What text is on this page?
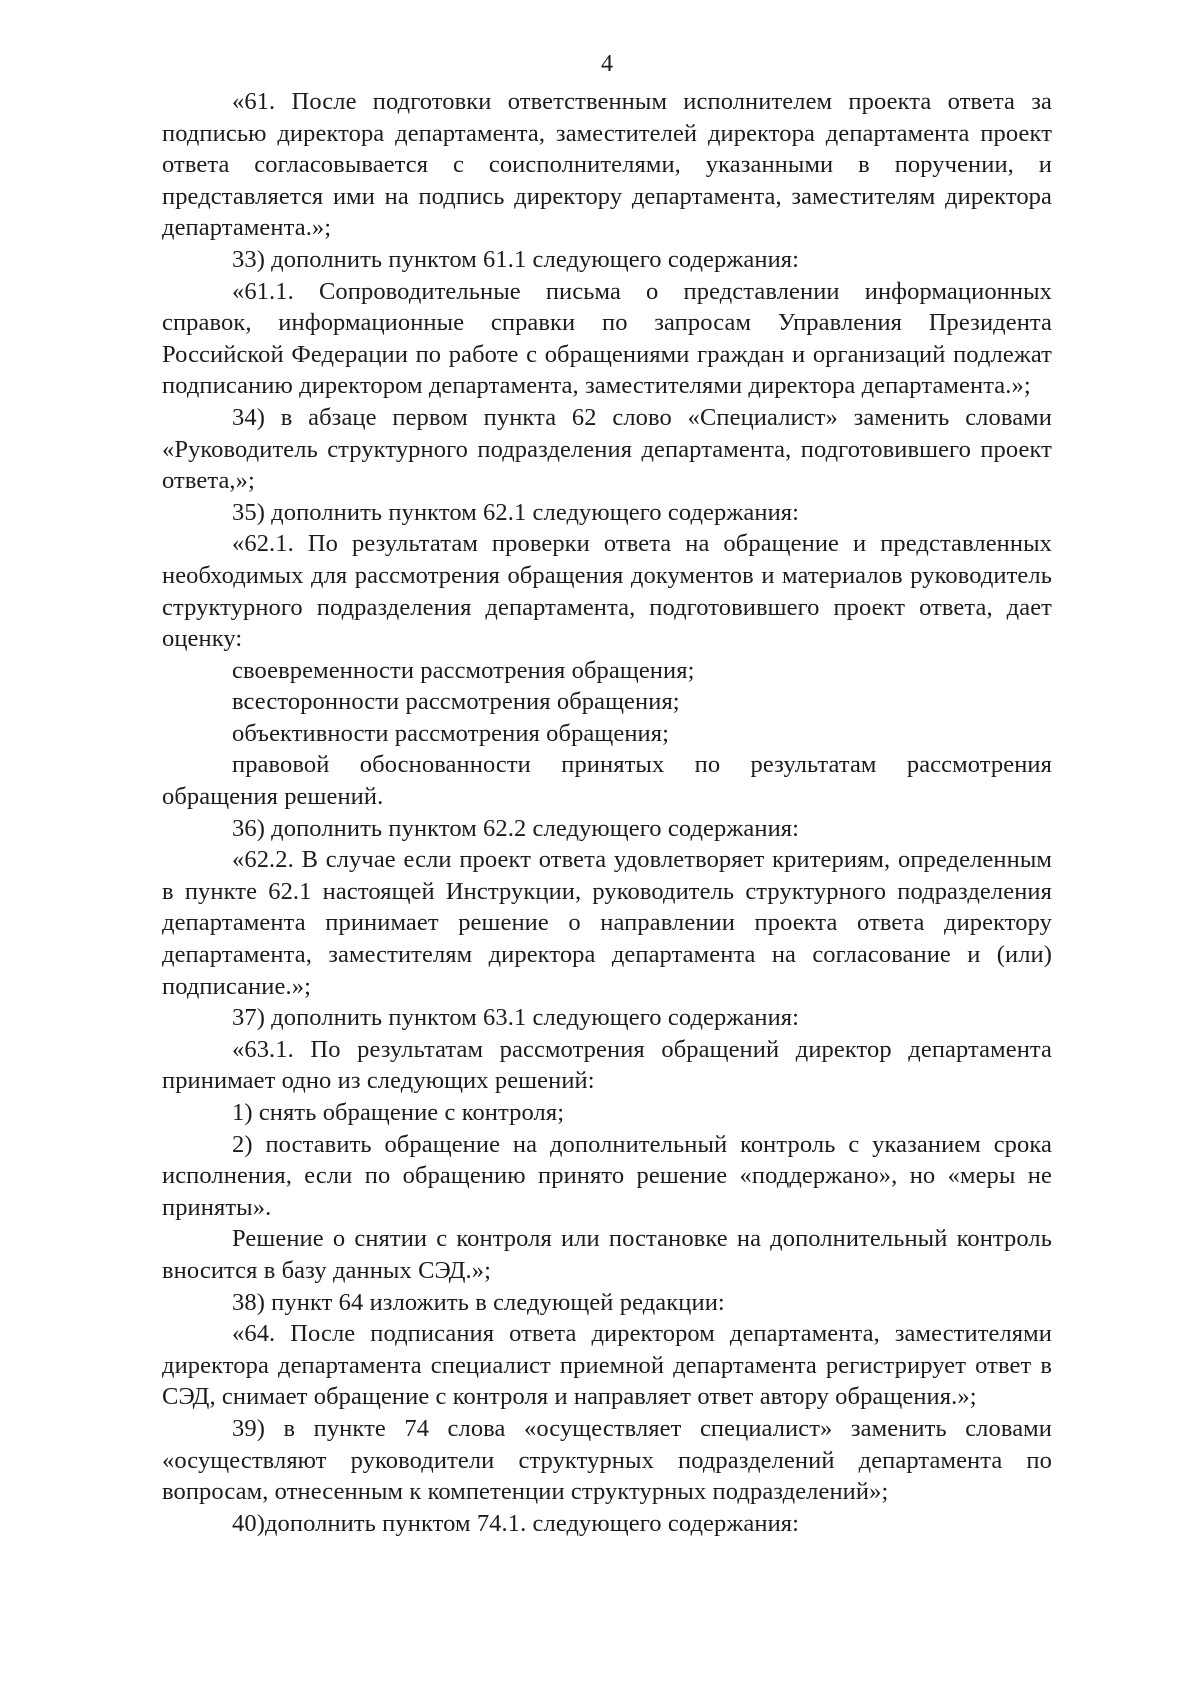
4

«61. После подготовки ответственным исполнителем проекта ответа за подписью директора департамента, заместителей директора департамента проект ответа согласовывается с соисполнителями, указанными в поручении, и представляется ими на подпись директору департамента, заместителям директора департамента.»;

33) дополнить пунктом 61.1 следующего содержания:

«61.1. Сопроводительные письма о представлении информационных справок, информационные справки по запросам Управления Президента Российской Федерации по работе с обращениями граждан и организаций подлежат подписанию директором департамента, заместителями директора департамента.»;

34) в абзаце первом пункта 62 слово «Специалист» заменить словами «Руководитель структурного подразделения департамента, подготовившего проект ответа,»;

35) дополнить пунктом 62.1 следующего содержания:

«62.1. По результатам проверки ответа на обращение и представленных необходимых для рассмотрения обращения документов и материалов руководитель структурного подразделения департамента, подготовившего проект ответа, дает оценку:

своевременности рассмотрения обращения;

всесторонности рассмотрения обращения;

объективности рассмотрения обращения;

правовой обоснованности принятых по результатам рассмотрения обращения решений.

36) дополнить пунктом 62.2 следующего содержания:

«62.2. В случае если проект ответа удовлетворяет критериям, определенным в пункте 62.1 настоящей Инструкции, руководитель структурного подразделения департамента принимает решение о направлении проекта ответа директору департамента, заместителям директора департамента на согласование и (или) подписание.»;

37) дополнить пунктом 63.1 следующего содержания:

«63.1. По результатам рассмотрения обращений директор департамента принимает одно из следующих решений:

1) снять обращение с контроля;

2) поставить обращение на дополнительный контроль с указанием срока исполнения, если по обращению принято решение «поддержано», но «меры не приняты».

Решение о снятии с контроля или постановке на дополнительный контроль вносится в базу данных СЭД.»;

38) пункт 64 изложить в следующей редакции:

«64. После подписания ответа директором департамента, заместителями директора департамента специалист приемной департамента регистрирует ответ в СЭД, снимает обращение с контроля и направляет ответ автору обращения.»;

39) в пункте 74 слова «осуществляет специалист» заменить словами «осуществляют руководители структурных подразделений департамента по вопросам, отнесенным к компетенции структурных подразделений»;

40)дополнить пунктом 74.1. следующего содержания:
